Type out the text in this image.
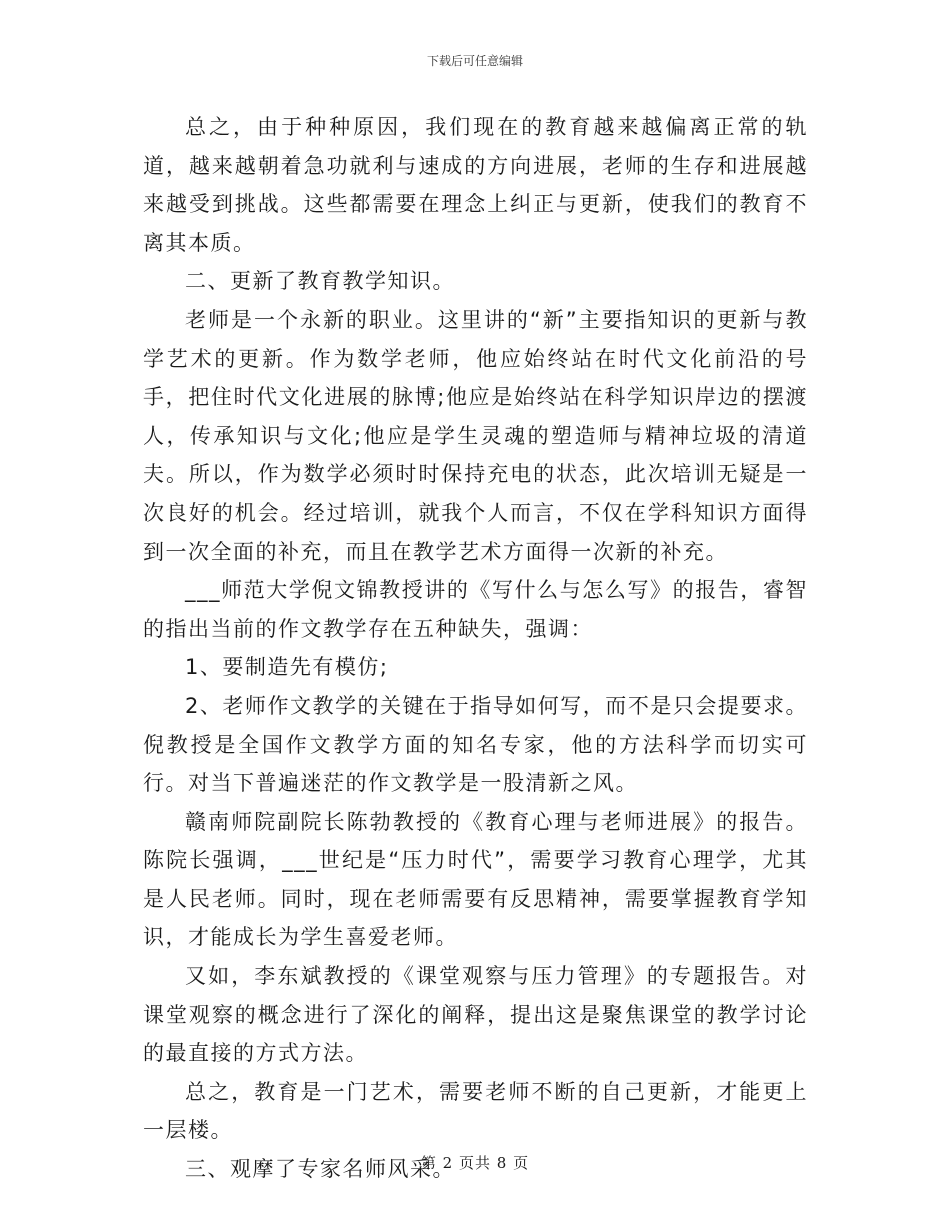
下载后可任意编辑

总之，由于种种原因，我们现在的教育越来越偏离正常的轨道，越来越朝着急功就利与速成的方向进展，老师的生存和进展越来越受到挑战。这些都需要在理念上纠正与更新，使我们的教育不离其本质。

二、更新了教育教学知识。

老师是一个永新的职业。这里讲的“新”主要指知识的更新与教学艺术的更新。作为数学老师，他应始终站在时代文化前沿的号手，把住时代文化进展的脉博;他应是始终站在科学知识岸边的摆渡人，传承知识与文化;他应是学生灵魂的塑造师与精神垃圾的清道夫。所以，作为数学必须时时保持充电的状态，此次培训无疑是一次良好的机会。经过培训，就我个人而言，不仅在学科知识方面得到一次全面的补充，而且在教学艺术方面得一次新的补充。

___师范大学倪文锦教授讲的《写什么与怎么写》的报告，睿智的指出当前的作文教学存在五种缺失，强调：

1、要制造先有模仿;

2、老师作文教学的关键在于指导如何写，而不是只会提要求。倪教授是全国作文教学方面的知名专家，他的方法科学而切实可行。对当下普遍迷茫的作文教学是一股清新之风。

赣南师院副院长陈勃教授的《教育心理与老师进展》的报告。陈院长强调，___世纪是“压力时代”，需要学习教育心理学，尤其是人民老师。同时，现在老师需要有反思精神，需要掌握教育学知识，才能成长为学生喜爱老师。

又如，李东斌教授的《课堂观察与压力管理》的专题报告。对课堂观察的概念进行了深化的阐释，提出这是聚焦课堂的教学讨论的最直接的方式方法。

总之，教育是一门艺术，需要老师不断的自己更新，才能更上一层楼。

三、观摩了专家名师风采。

第 2 页共 8 页
